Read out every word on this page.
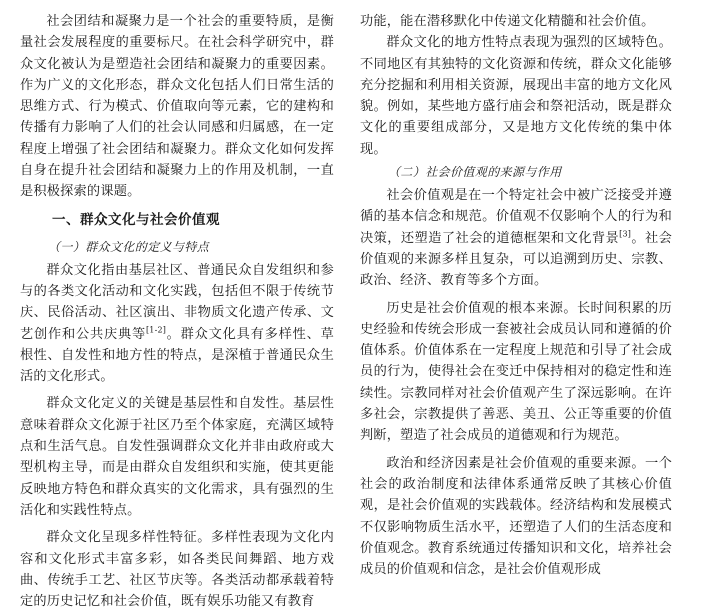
社会团结和凝聚力是一个社会的重要特质，是衡量社会发展程度的重要标尺。在社会科学研究中，群众文化被认为是塑造社会团结和凝聚力的重要因素。作为广义的文化形态，群众文化包括人们日常生活的思维方式、行为模式、价值取向等元素，它的建构和传播有力影响了人们的社会认同感和归属感，在一定程度上增强了社会团结和凝聚力。群众文化如何发挥自身在提升社会团结和凝聚力上的作用及机制，一直是积极探索的课题。

一、群众文化与社会价值观
（一）群众文化的定义与特点

群众文化指由基层社区、普通民众自发组织和参与的各类文化活动和文化实践，包括但不限于传统节庆、民俗活动、社区演出、非物质文化遗产传承、文艺创作和公共庆典等[1-2]。群众文化具有多样性、草根性、自发性和地方性的特点，是深植于普通民众生活的文化形式。

群众文化定义的关键是基层性和自发性。基层性意味着群众文化源于社区乃至个体家庭，充满区域特点和生活气息。自发性强调群众文化并非由政府或大型机构主导，而是由群众自发组织和实施，使其更能反映地方特色和群众真实的文化需求，具有强烈的生活化和实践性特点。

群众文化呈现多样性特征。多样性表现为文化内容和文化形式丰富多彩，如各类民间舞蹈、地方戏曲、传统手工艺、社区节庆等。各类活动都承载着特定的历史记忆和社会价值，既有娱乐功能又有教育

功能，能在潜移默化中传递文化精髓和社会价值。

群众文化的地方性特点表现为强烈的区域特色。不同地区有其独特的文化资源和传统，群众文化能够充分挖掘和利用相关资源，展现出丰富的地方文化风貌。例如，某些地方盛行庙会和祭祀活动，既是群众文化的重要组成部分，又是地方文化传统的集中体现。

（二）社会价值观的来源与作用

社会价值观是在一个特定社会中被广泛接受并遵循的基本信念和规范。价值观不仅影响个人的行为和决策，还塑造了社会的道德框架和文化背景[3]。社会价值观的来源多样且复杂，可以追溯到历史、宗教、政治、经济、教育等多个方面。

历史是社会价值观的根本来源。长时间积累的历史经验和传统会形成一套被社会成员认同和遵循的价值体系。价值体系在一定程度上规范和引导了社会成员的行为，使得社会在变迁中保持相对的稳定性和连续性。宗教同样对社会价值观产生了深远影响。在许多社会，宗教提供了善恶、美丑、公正等重要的价值判断，塑造了社会成员的道德观和行为规范。

政治和经济因素是社会价值观的重要来源。一个社会的政治制度和法律体系通常反映了其核心价值观，是社会价值观的实践载体。经济结构和发展模式不仅影响物质生活水平，还塑造了人们的生活态度和价值观念。教育系统通过传播知识和文化，培养社会成员的价值观和信念，是社会价值观形成
